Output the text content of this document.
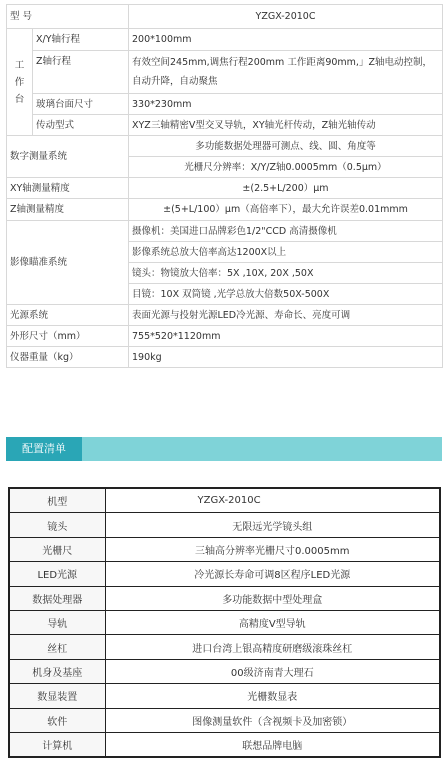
型 号		YZGX-2010C

工
作
台	X/Y轴行程	200*100mm
	Z轴行程	有效空间245mm,调焦行程200mm 工作距离90mm,」Z轴电动控制，自动升降，自动聚焦
	玻璃台面尺寸	330*230mm
	传动型式	XYZ三轴精密V型交叉导轨，XY轴光杆传动，Z轴光轴传动
数字测量系统		多功能数据处理器可测点、线、圆、角度等
		光栅尺分辨率：X/Y/Z轴0.0005mm（0.5μm）
XY轴测量精度		±(2.5+L/200）μm
Z轴测量精度		±(5+L/100）μm（高倍率下），最大允许误差0.01mmm
影像瞄准系统		摄像机：美国进口品牌彩色1/2"CCD 高清摄像机
		影像系统总放大倍率高达1200X以上
		镜头：物镜放大倍率：5X ,10X, 20X ,50X
		目镜：10X 双筒镜 ,光学总放大倍数50X-500X
光源系统		表面光源与投射光源LED冷光源、寿命长、亮度可调
外形尺寸（mm）		755*520*1120mm
仪器重量（kg）		190kg
配置清单
机型	YZGX-2010C
镜头	无限远光学镜头组
光栅尺	三轴高分辨率光栅尺寸0.0005mm
LED光源	冷光源长寿命可调8区程序LED光源
数据处理器	多功能数据中型处理盒
导轨	高精度V型导轨
丝杠	进口台湾上银高精度研磨级滚珠丝杠
机身及基座	00级济南青大理石
数显装置	光栅数显表
软件	图像测量软件（含视频卡及加密锁）
计算机	联想品牌电脑
